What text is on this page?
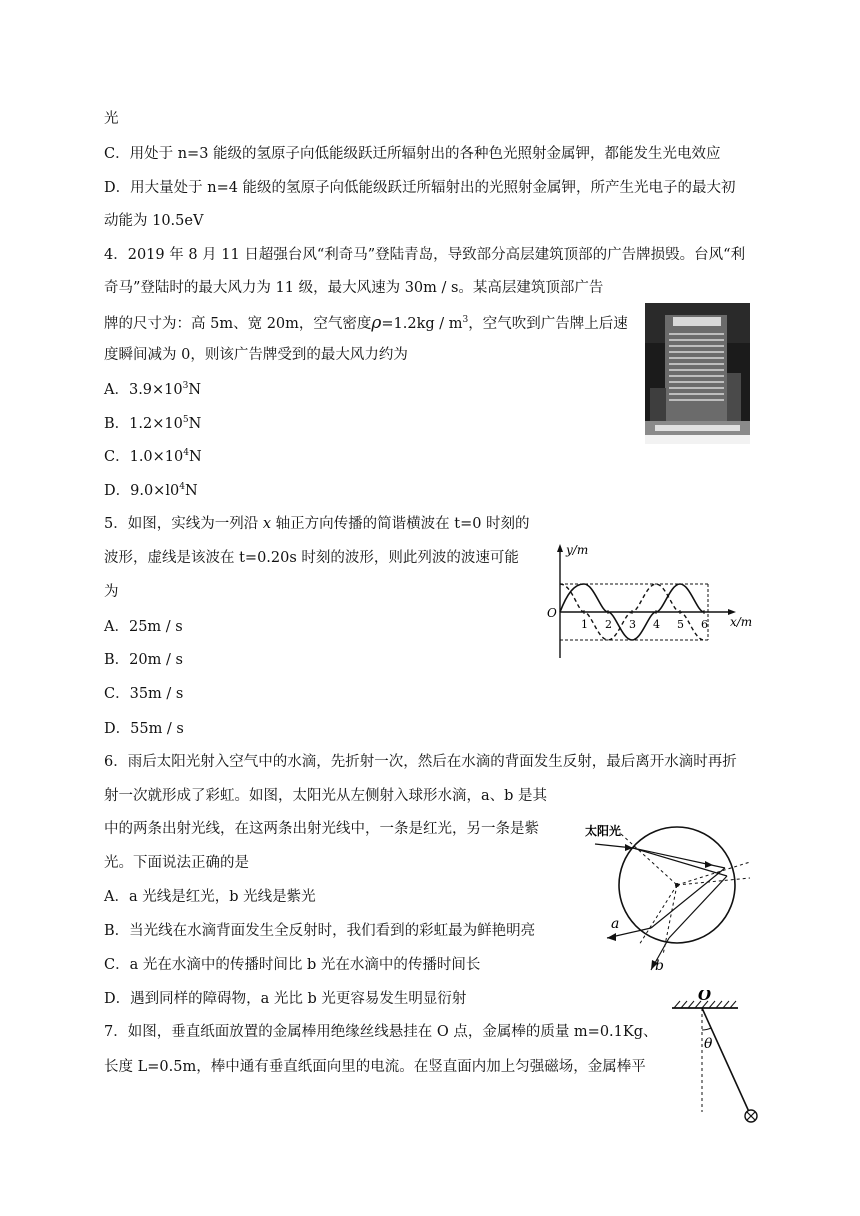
光
C．用处于 n=3 能级的氢原子向低能级跃迁所辐射出的各种色光照射金属钾，都能发生光电效应
D．用大量处于 n=4 能级的氢原子向低能级跃迁所辐射出的光照射金属钾，所产生光电子的最大初
动能为 10.5eV
4．2019 年 8 月 11 日超强台风“利奇马”登陆青岛，导致部分高层建筑顶部的广告牌损毁。台风“利
奇马”登陆时的最大风力为 11 级，最大风速为 30m / s。某高层建筑顶部广告
牌的尺寸为：高 5m、宽 20m，空气密度$\rho=1.2kg / m^3$，空气吹到广告牌上后速
度瞬间减为 0，则该广告牌受到的最大风力约为
A．$3.9\times 10^3N$
B．$1.2\times 10^5N$
C．$1.0\times 10^4N$
D．$9.0\times l0^4N$
5．如图，实线为一列沿 x 轴正方向传播的简谐横波在 t=0 时刻的
波形，虚线是该波在 t=0.20s 时刻的波形，则此列波的波速可能
为
A．25m / s
B．20m / s
C．35m / s
D．55m / s
y/m
x/m
O
1 2 3 4 5 6
6．雨后太阳光射入空气中的水滴，先折射一次，然后在水滴的背面发生反射，最后离开水滴时再折
射一次就形成了彩虹。如图，太阳光从左侧射入球形水滴，a、b 是其
中的两条出射光线，在这两条出射光线中，一条是红光，另一条是紫
光。下面说法正确的是
A．a 光线是红光，b 光线是紫光
B．当光线在水滴背面发生全反射时，我们看到的彩虹最为鲜艳明亮
C．a 光在水滴中的传播时间比 b 光在水滴中的传播时间长
D．遇到同样的障碍物，a 光比 b 光更容易发生明显衍射
太阳光
a
b
7．如图，垂直纸面放置的金属棒用绝缘丝线悬挂在 O 点，金属棒的质量 m=0.1Kg、
长度 L=0.5m，棒中通有垂直纸面向里的电流。在竖直面内加上匀强磁场，金属棒平
O
θ
